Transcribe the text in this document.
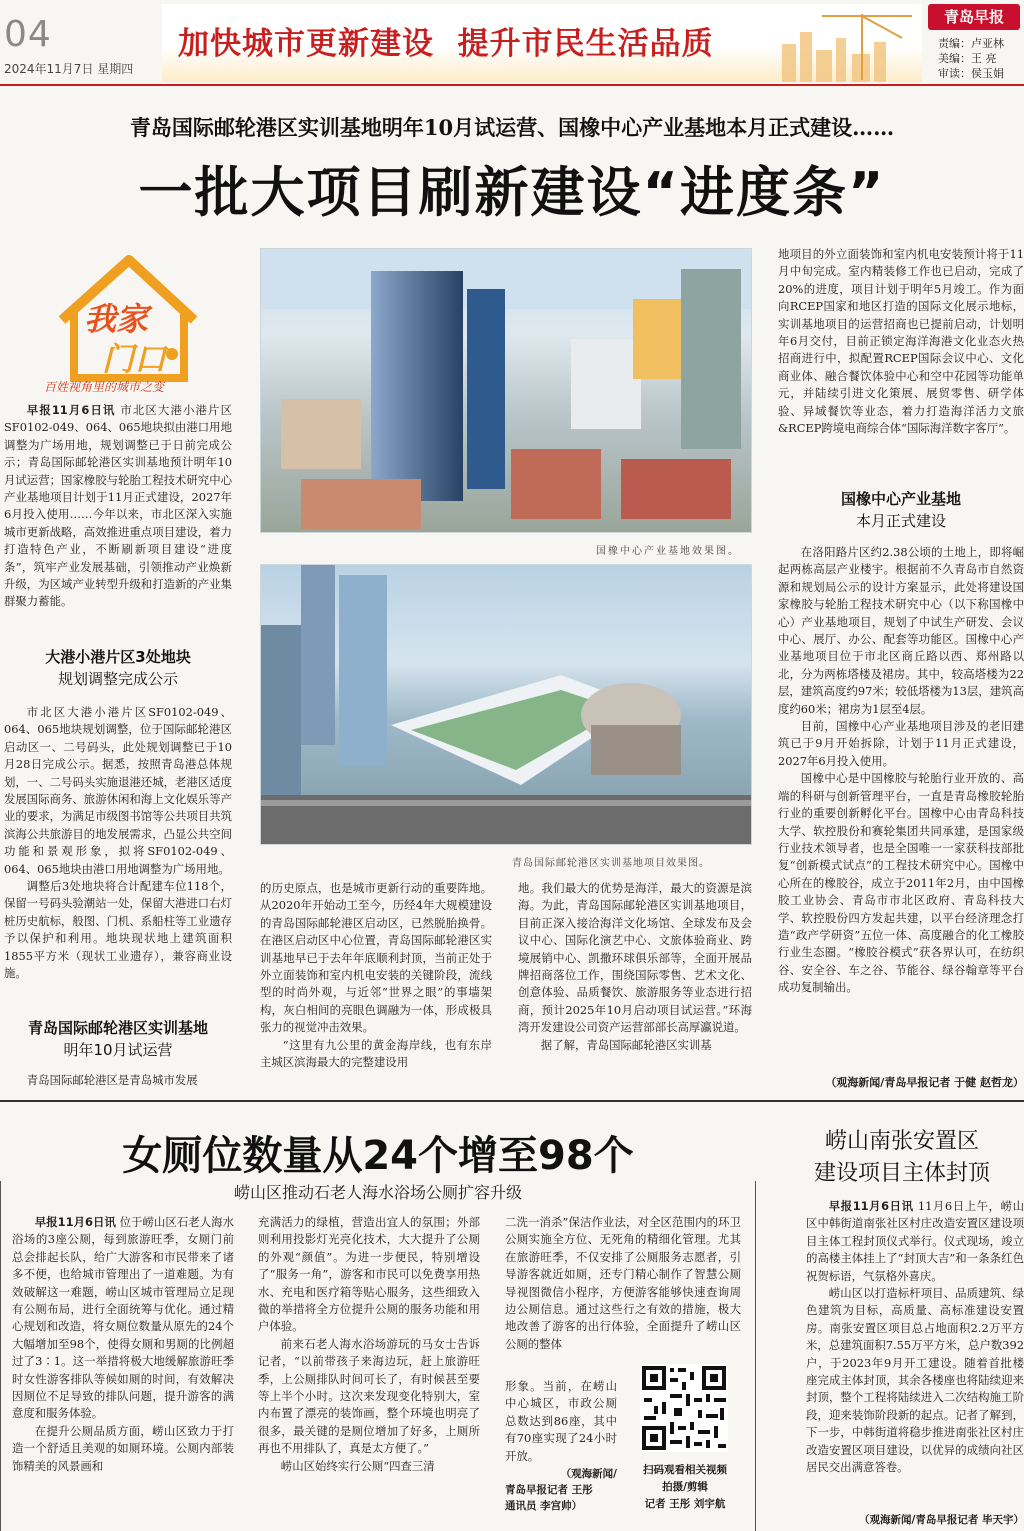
04
2024年11月7日 星期四
加快城市更新建设  提升市民生活品质
青岛早报
责编：卢亚林
美编：王 亮
审读：侯玉娟
青岛国际邮轮港区实训基地明年10月试运营、国橡中心产业基地本月正式建设……
一批大项目刷新建设“进度条”
我家
门口
百姓视角里的城市之变

早报11月6日讯 市北区大港小港片区SF0102-049、064、065地块拟由港口用地调整为广场用地，规划调整已于日前完成公示；青岛国际邮轮港区实训基地预计明年10月试运营；国家橡胶与轮胎工程技术研究中心产业基地项目计划于11月正式建设，2027年6月投入使用……今年以来，市北区深入实施城市更新战略，高效推进重点项目建设，着力打造特色产业，不断刷新项目建设“进度条”，筑牢产业发展基础，引领推动产业焕新升级，为区域产业转型升级和打造新的产业集群聚力蓄能。

大港小港片区3处地块
规划调整完成公示

市北区大港小港片区SF0102-049、064、065地块规划调整，位于国际邮轮港区启动区一、二号码头，此处规划调整已于10月28日完成公示。据悉，按照青岛港总体规划，一、二号码头实施退港还城，老港区适度发展国际商务、旅游休闲和海上文化娱乐等产业的要求，为满足市级图书馆等公共项目共筑滨海公共旅游目的地发展需求，凸显公共空间功能和景观形象，拟将SF0102-049、064、065地块由港口用地调整为广场用地。

调整后3处地块将合计配建车位118个，保留一号码头验潮站一处，保留大港进口右灯桩历史航标，般图、门机、系船柱等工业遗存予以保护和利用。地块现状地上建筑面积1855平方米（现状工业遗存），兼容商业设施。

青岛国际邮轮港区实训基地
明年10月试运营

青岛国际邮轮港区是青岛城市发展

国橡中心产业基地效果图。
青岛国际邮轮港区实训基地项目效果图。

的历史原点，也是城市更新行动的重要阵地。从2020年开始动工至今，历经4年大规模建设的青岛国际邮轮港区启动区，已然脱胎换骨。在港区启动区中心位置，青岛国际邮轮港区实训基地早已于去年年底顺利封顶，当前正处于外立面装饰和室内机电安装的关键阶段，流线型的时尚外观，与近邻“世界之眼”的事墙架构，灰白相间的亮眼色调融为一体，形成极具张力的视觉冲击效果。

“这里有九公里的黄金海岸线，也有东岸主城区滨海最大的完整建设用

地。我们最大的优势是海洋，最大的资源是滨海。为此，青岛国际邮轮港区实训基地项目，目前正深入接洽海洋文化场馆、全球发布及会议中心、国际化演艺中心、文旅体验商业、跨境展销中心、凯撒环球俱乐部等，全面开展品牌招商落位工作，围绕国际零售、艺术文化、创意体验、品质餐饮、旅游服务等业态进行招商，预计2025年10月启动项目试运营。”环海湾开发建设公司资产运营部部长高厚瀛说道。

据了解，青岛国际邮轮港区实训基

地项目的外立面装饰和室内机电安装预计将于11月中旬完成。室内精装修工作也已启动，完成了20%的进度，项目计划于明年5月竣工。作为面向RCEP国家和地区打造的国际文化展示地标，实训基地项目的运营招商也已提前启动，计划明年6月交付，目前正锁定海洋海港文化业态火热招商进行中，拟配置RCEP国际会议中心、文化商业体、融合餐饮体验中心和空中花园等功能单元，并陆续引进文化策展、展贸零售、研学体验、异域餐饮等业态，着力打造海洋活力文旅&RCEP跨境电商综合体“国际海洋数字客厅”。

国橡中心产业基地
本月正式建设

在洛阳路片区约2.38公顷的土地上，即将崛起两栋高层产业楼宇。根据前不久青岛市自然资源和规划局公示的设计方案显示，此处将建设国家橡胶与轮胎工程技术研究中心（以下称国橡中心）产业基地项目，规划了中试生产研发、会议中心、展厅、办公、配套等功能区。国橡中心产业基地项目位于市北区商丘路以西、郑州路以北，分为两栋塔楼及裙房。其中，较高塔楼为22层，建筑高度约97米；较低塔楼为13层，建筑高度约60米；裙房为1层至4层。

目前，国橡中心产业基地项目涉及的老旧建筑已于9月开始拆除，计划于11月正式建设，2027年6月投入使用。

国橡中心是中国橡胶与轮胎行业开放的、高端的科研与创新管理平台，一直是青岛橡胶轮胎行业的重要创新孵化平台。国橡中心由青岛科技大学、软控股份和赛轮集团共同承建，是国家级行业技术领导者，也是全国唯一一家获科技部批复“创新模式试点”的工程技术研究中心。国橡中心所在的橡胶谷，成立于2011年2月，由中国橡胶工业协会、青岛市市北区政府、青岛科技大学、软控股份四方发起共建，以平台经济理念打造“政产学研资”五位一体、高度融合的化工橡胶行业生态圈。“橡胶谷模式”获各界认可，在纺织谷、安全谷、车之谷、节能谷、绿谷翰章等平台成功复制输出。

（观海新闻/青岛早报记者 于健 赵哲龙）
女厕位数量从24个增至98个
崂山区推动石老人海水浴场公厕扩容升级

早报11月6日讯 位于崂山区石老人海水浴场的3座公厕，每到旅游旺季，女厕门前总会排起长队，给广大游客和市民带来了诸多不便，也给城市管理出了一道难题。为有效破解这一难题，崂山区城市管理局立足现有公厕布局，进行全面统筹与优化。通过精心规划和改造，将女厕位数量从原先的24个大幅增加至98个，使得女厕和男厕的比例超过了3∶1。这一举措将极大地缓解旅游旺季时女性游客排队等候如厕的时间，有效解决因厕位不足导致的排队问题，提升游客的满意度和服务体验。

在提升公厕品质方面，崂山区致力于打造一个舒适且美观的如厕环境。公厕内部装饰精美的风景画和

充满活力的绿植，营造出宜人的氛围；外部则利用投影灯光亮化技术，大大提升了公厕的外观“颜值”。为进一步便民，特别增设了“服务一角”，游客和市民可以免费享用热水、充电和医疗箱等贴心服务，这些细致入微的举措将全方位提升公厕的服务功能和用户体验。

前来石老人海水浴场游玩的马女士告诉记者，“以前带孩子来海边玩，赶上旅游旺季，上公厕排队时间可长了，有时候甚至要等上半个小时。这次来发现变化特别大，室内布置了漂亮的装饰画，整个环境也明亮了很多，最关键的是厕位增加了好多，上厕所再也不用排队了，真是太方便了。”

崂山区始终实行公厕“四查三清

二洗一消杀”保洁作业法，对全区范围内的环卫公厕实施全方位、无死角的精细化管理。尤其在旅游旺季，不仅安排了公厕服务志愿者，引导游客就近如厕，还专门精心制作了智慧公厕导视图微信小程序，方便游客能够快速查询周边公厕信息。通过这些行之有效的措施，极大地改善了游客的出行体验，全面提升了崂山区公厕的整体

形象。当前，在崂山中心城区，市政公厕总数达到86座，其中有70座实现了24小时开放。

（观海新闻/
青岛早报记者 王彤
通讯员 李宫帅）
扫码观看相关视频
拍摄/剪辑
记者 王彤 刘宇航
崂山南张安置区
建设项目主体封顶

早报11月6日讯 11月6日上午，崂山区中韩街道南张社区村庄改造安置区建设项目主体工程封顶仪式举行。仪式现场，竣立的高楼主体挂上了“封顶大吉”和一条条红色祝贺标语，气氛格外喜庆。

崂山区以打造标杆项目、品质建筑、绿色建筑为目标，高质量、高标准建设安置房。南张安置区项目总占地面积2.2万平方米，总建筑面积7.55万平方米，总户数392户，于2023年9月开工建设。随着首批楼座完成主体封顶，其余各楼座也将陆续迎来封顶，整个工程将陆续进入二次结构施工阶段，迎来装饰阶段新的起点。记者了解到，下一步，中韩街道将稳步推进南张社区村庄改造安置区项目建设，以优异的成绩向社区居民交出满意答卷。

（观海新闻/青岛早报记者 毕天宇）
